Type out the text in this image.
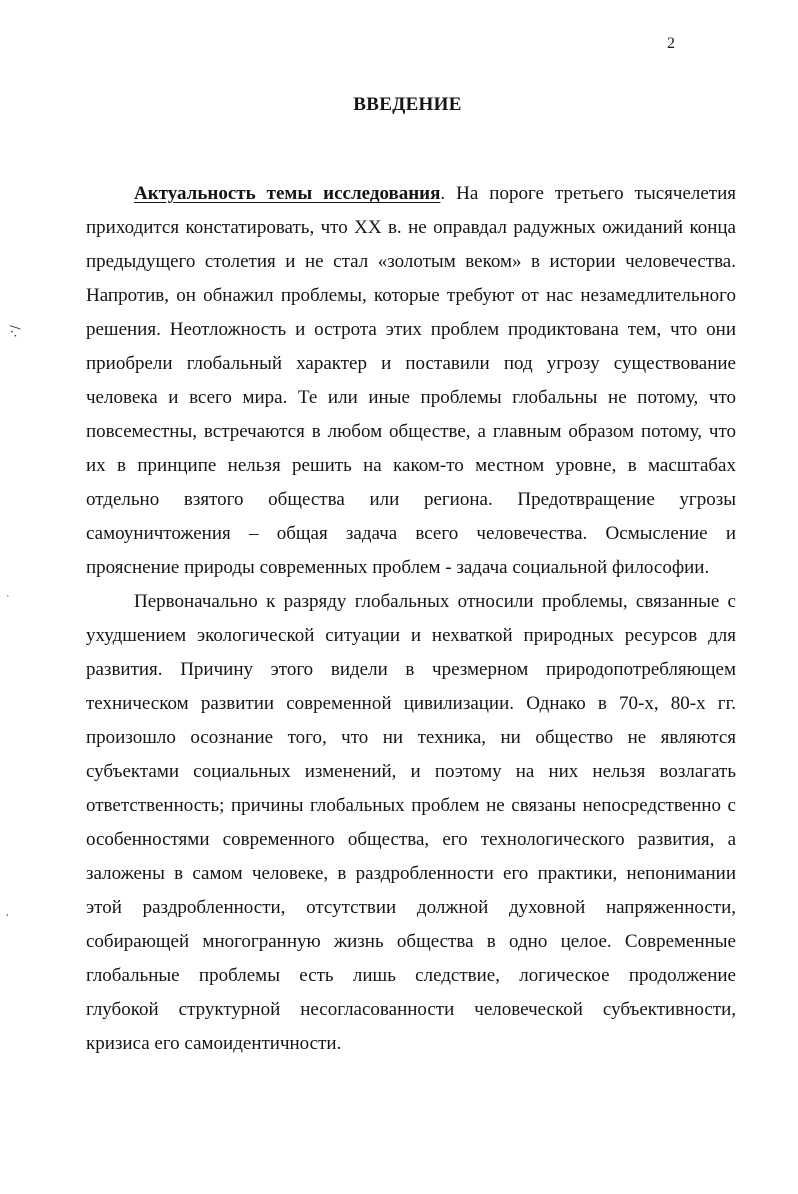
2
/.·
`
,
ВВЕДЕНИЕ
Актуальность темы исследования. На пороге третьего тысячелетия
приходится констатировать, что XX в. не оправдал радужных ожиданий конца
предыдущего столетия и не стал «золотым веком» в истории человечества.
Напротив, он обнажил проблемы, которые требуют от нас незамедлительного
решения. Неотложность и острота этих проблем продиктована тем, что они
приобрели глобальный характер и поставили под угрозу существование
человека и всего мира. Те или иные проблемы глобальны не потому, что
повсеместны, встречаются в любом обществе, а главным образом потому, что
их в принципе нельзя решить на каком-то местном уровне, в масштабах
отдельно взятого общества или региона. Предотвращение угрозы
самоуничтожения – общая задача всего человечества. Осмысление и
прояснение природы современных проблем - задача социальной философии.
Первоначально к разряду глобальных относили проблемы, связанные с
ухудшением экологической ситуации и нехваткой природных ресурсов для
развития. Причину этого видели в чрезмерном природопотребляющем
техническом развитии современной цивилизации. Однако в 70-х, 80-х гг.
произошло осознание того, что ни техника, ни общество не являются
субъектами социальных изменений, и поэтому на них нельзя возлагать
ответственность; причины глобальных проблем не связаны непосредственно с
особенностями современного общества, его технологического развития, а
заложены в самом человеке, в раздробленности его практики, непонимании
этой раздробленности, отсутствии должной духовной напряженности,
собирающей многогранную жизнь общества в одно целое. Современные
глобальные проблемы есть лишь следствие, логическое продолжение
глубокой структурной несогласованности человеческой субъективности,
кризиса его самоидентичности.
